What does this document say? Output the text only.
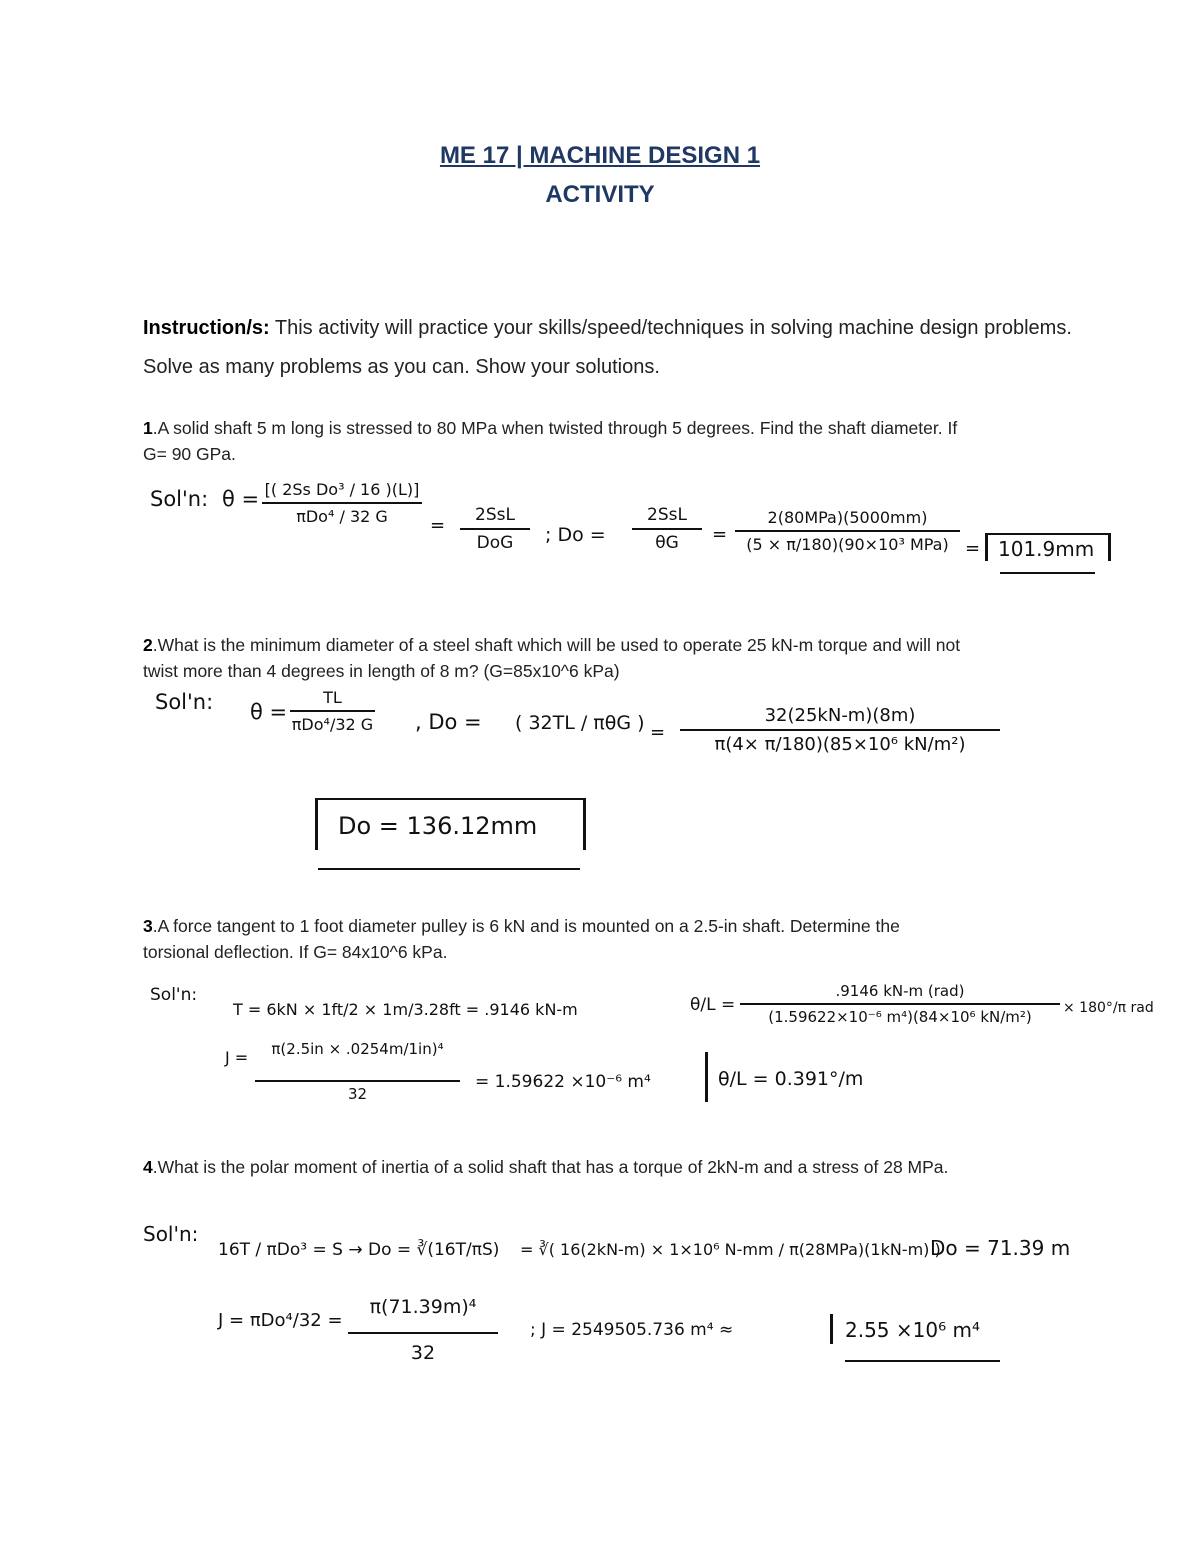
ME 17 | MACHINE DESIGN 1
ACTIVITY
Instruction/s: This activity will practice your skills/speed/techniques in solving machine design problems. Solve as many problems as you can. Show your solutions.
1.A solid shaft 5 m long is stressed to 80 MPa when twisted through 5 degrees. Find the shaft diameter. If G= 90 GPa.
Sol'n: θ = [( 2Ss Do³ / 16 )(L)]
πDo⁴ / 32 G	=	2SsL
DoG	; Do =
2SsL
θG	=
2(80MPa)(5000mm)
(5 × π/180)(90×10³ MPa) = 101.9mm
2.What is the minimum diameter of a steel shaft which will be used to operate 25 kN-m torque and will not twist more than 4 degrees in length of 8 m? (G=85x10^6 kPa)
Sol'n: θ =
TL
πDo⁴/32 G , Do = ( 32TL / πθG ) =
32(25kN-m)(8m)
π(4× π/180)(85×10⁶ kN/m²)
Do = 136.12mm
3.A force tangent to 1 foot diameter pulley is 6 kN and is mounted on a 2.5-in shaft. Determine the torsional deflection. If G= 84x10^6 kPa.
Sol'n:
T = 6kN × 1ft/2 × 1m/3.28ft = .9146 kN-m	θ/L =
.9146 kN-m (rad)
(1.59622×10⁻⁶ m⁴)(84×10⁶ kN/m²)	× 180°/π rad
J =	π(2.5in × .0254m/1in)⁴
32
= 1.59622 ×10⁻⁶ m⁴	θ/L = 0.391°/m
4.What is the polar moment of inertia of a solid shaft that has a torque of 2kN-m and a stress of 28 MPa.
Sol'n:
16T / πDo³ = S → Do = ∛(16T/πS) = ∛( 16(2kN-m) × 1×10⁶ N-mm / π(28MPa)(1kN-m) )
Do = 71.39 m
J = πDo⁴/32 =
π(71.39m)⁴
32
; J = 2549505.736 m⁴ ≈	2.55 ×10⁶ m⁴
